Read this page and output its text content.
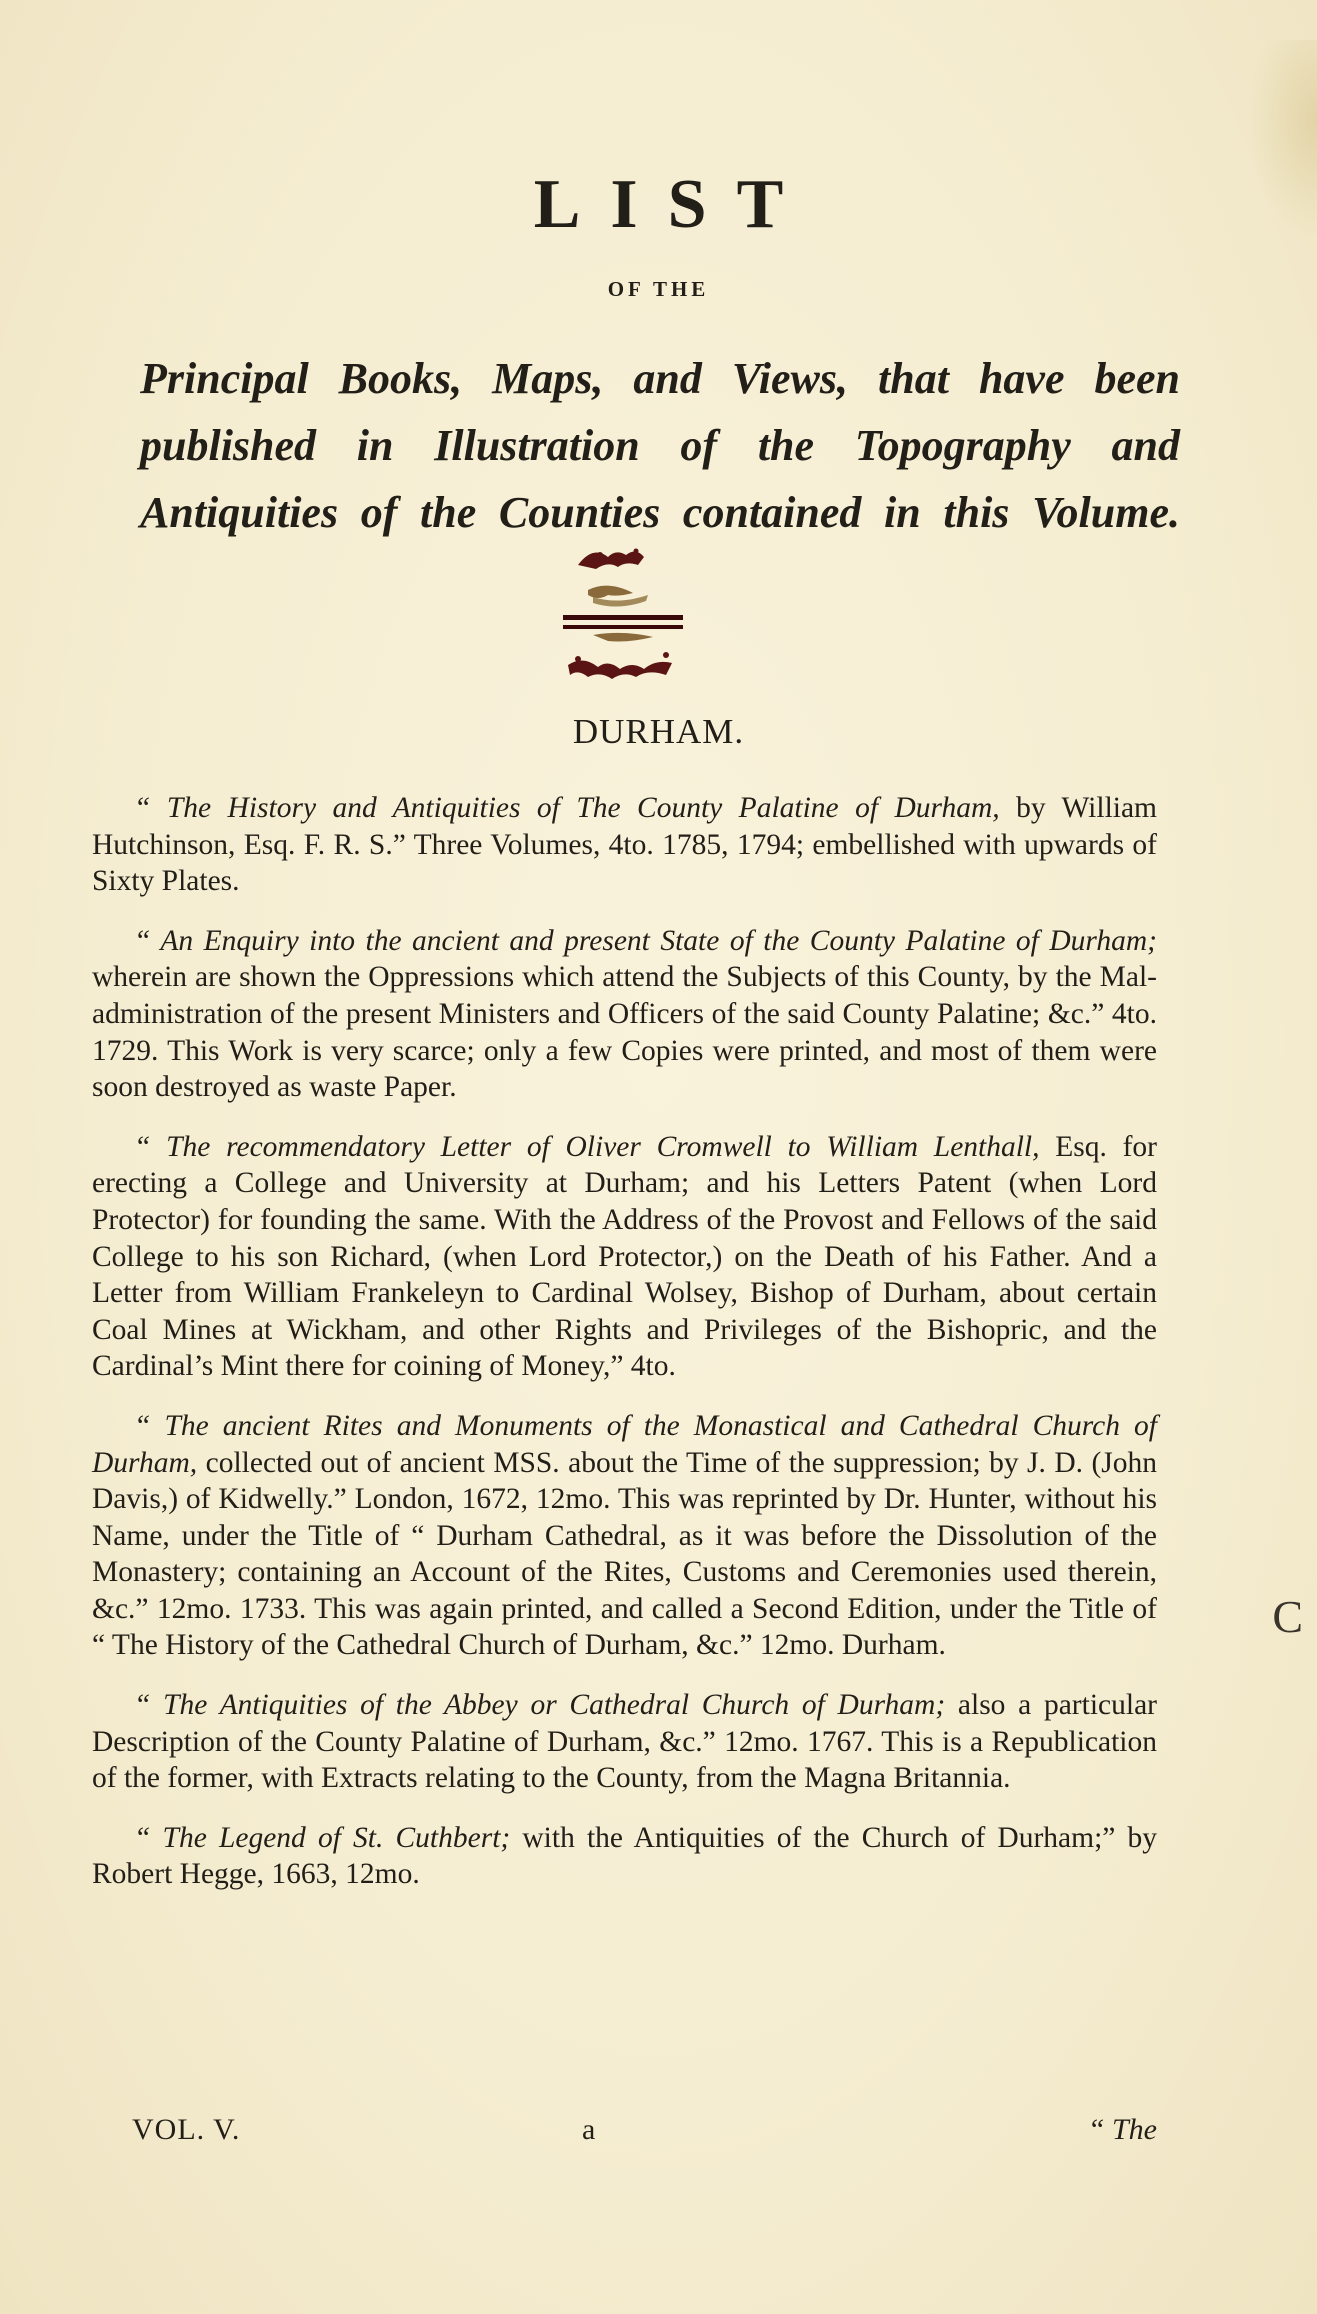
LIST
OF THE
Principal Books, Maps, and Views, that have been
published in Illustration of the Topography and
Antiquities of the Counties contained in this Volume.
DURHAM.

“ The History and Antiquities of The County Palatine of Durham, by William Hutchinson, Esq. F. R. S.” Three Volumes, 4to. 1785, 1794; embellished with upwards of Sixty Plates.

“ An Enquiry into the ancient and present State of the County Palatine of Durham; wherein are shown the Oppressions which attend the Subjects of this County, by the Mal-administration of the present Ministers and Officers of the said County Palatine; &c.” 4to. 1729. This Work is very scarce; only a few Copies were printed, and most of them were soon destroyed as waste Paper.

“ The recommendatory Letter of Oliver Cromwell to William Lenthall, Esq. for erecting a College and University at Durham; and his Letters Patent (when Lord Protector) for founding the same. With the Address of the Provost and Fellows of the said College to his son Richard, (when Lord Protector,) on the Death of his Father. And a Letter from William Frankeleyn to Cardinal Wolsey, Bishop of Durham, about certain Coal Mines at Wickham, and other Rights and Privileges of the Bishopric, and the Cardinal’s Mint there for coining of Money,” 4to.

“ The ancient Rites and Monuments of the Monastical and Cathedral Church of Durham, collected out of ancient MSS. about the Time of the suppression; by J. D. (John Davis,) of Kidwelly.” London, 1672, 12mo. This was reprinted by Dr. Hunter, without his Name, under the Title of “ Durham Cathedral, as it was before the Dissolution of the Monastery; containing an Account of the Rites, Customs and Ceremonies used therein, &c.” 12mo. 1733. This was again printed, and called a Second Edition, under the Title of “ The History of the Cathedral Church of Durham, &c.” 12mo. Durham.

“ The Antiquities of the Abbey or Cathedral Church of Durham; also a particular Description of the County Palatine of Durham, &c.” 12mo. 1767. This is a Republication of the former, with Extracts relating to the County, from the Magna Britannia.

“ The Legend of St. Cuthbert; with the Antiquities of the Church of Durham;” by Robert Hegge, 1663, 12mo.

VOL. V.	a	“ The
C
